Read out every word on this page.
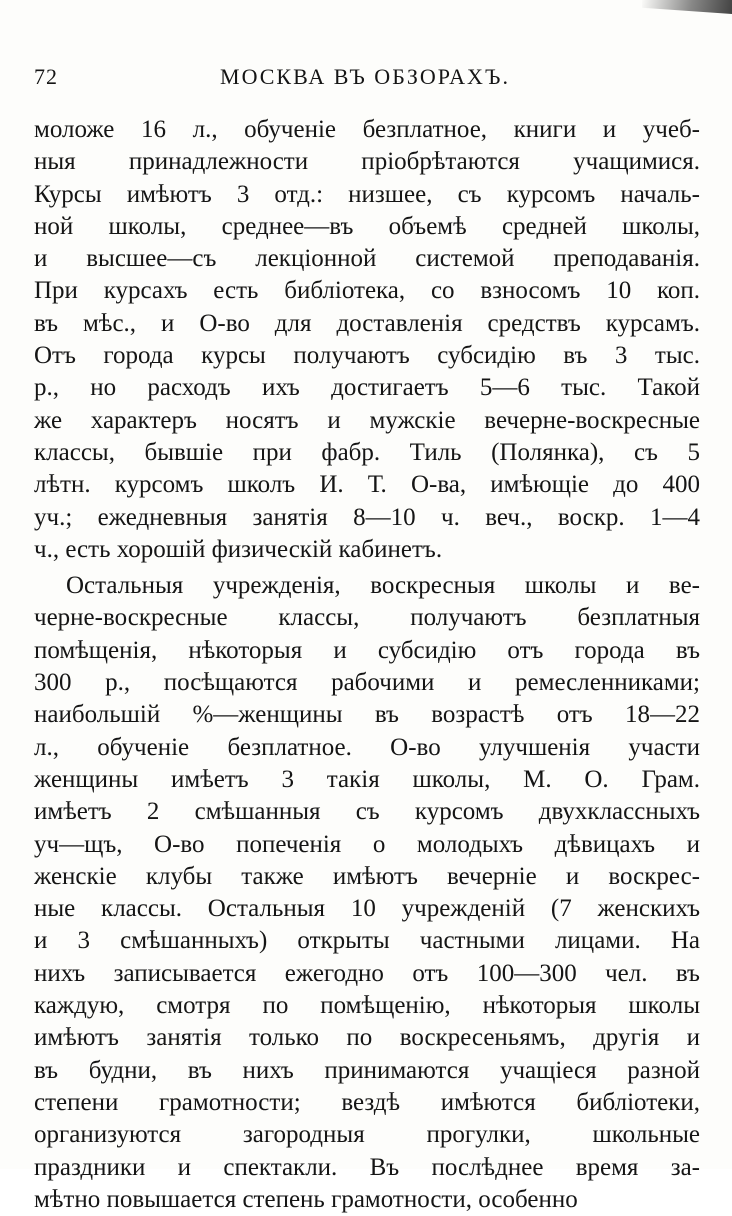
72	МОСКВА ВЪ ОБЗОРАХЪ.
моложе 16 л., обученіе безплатное, книги и учеб-
ныя принадлежности пріобрѣтаются учащимися.
Курсы имѣютъ 3 отд.: низшее, съ курсомъ началь-
ной школы, среднее—въ объемѣ средней школы,
и высшее—съ лекціонной системой преподаванія.
При курсахъ есть библіотека, со взносомъ 10 коп.
въ мѣс., и О-во для доставленія средствъ курсамъ.
Отъ города курсы получаютъ субсидію въ 3 тыс.
р., но расходъ ихъ достигаетъ 5—6 тыс. Такой
же характеръ носятъ и мужскіе вечерне-воскресные
классы, бывшіе при фабр. Тиль (Полянка), съ 5
лѣтн. курсомъ школъ И. Т. О-ва, имѣющіе до 400
уч.; ежедневныя занятія 8—10 ч. веч., воскр. 1—4
ч., есть хорошій физическій кабинетъ.
Остальныя учрежденія, воскресныя школы и ве-
черне-воскресные классы, получаютъ безплатныя
помѣщенія, нѣкоторыя и субсидію отъ города въ
300 р., посѣщаются рабочими и ремесленниками;
наибольшій %—женщины въ возрастѣ отъ 18—22
л., обученіе безплатное. О-во улучшенія участи
женщины имѣетъ 3 такія школы, М. О. Грам.
имѣетъ 2 смѣшанныя съ курсомъ двухклассныхъ
уч—щъ, О-во попеченія о молодыхъ дѣвицахъ и
женскіе клубы также имѣютъ вечерніе и воскрес-
ные классы. Остальныя 10 учрежденій (7 женскихъ
и 3 смѣшанныхъ) открыты частными лицами. На
нихъ записывается ежегодно отъ 100—300 чел. въ
каждую, смотря по помѣщенію, нѣкоторыя школы
имѣютъ занятія только по воскресеньямъ, другія и
въ будни, въ нихъ принимаются учащіеся разной
степени грамотности; вездѣ имѣются библіотеки,
организуются загородныя прогулки, школьные
праздники и спектакли. Въ послѣднее время за-
мѣтно повышается степень грамотности, особенно
